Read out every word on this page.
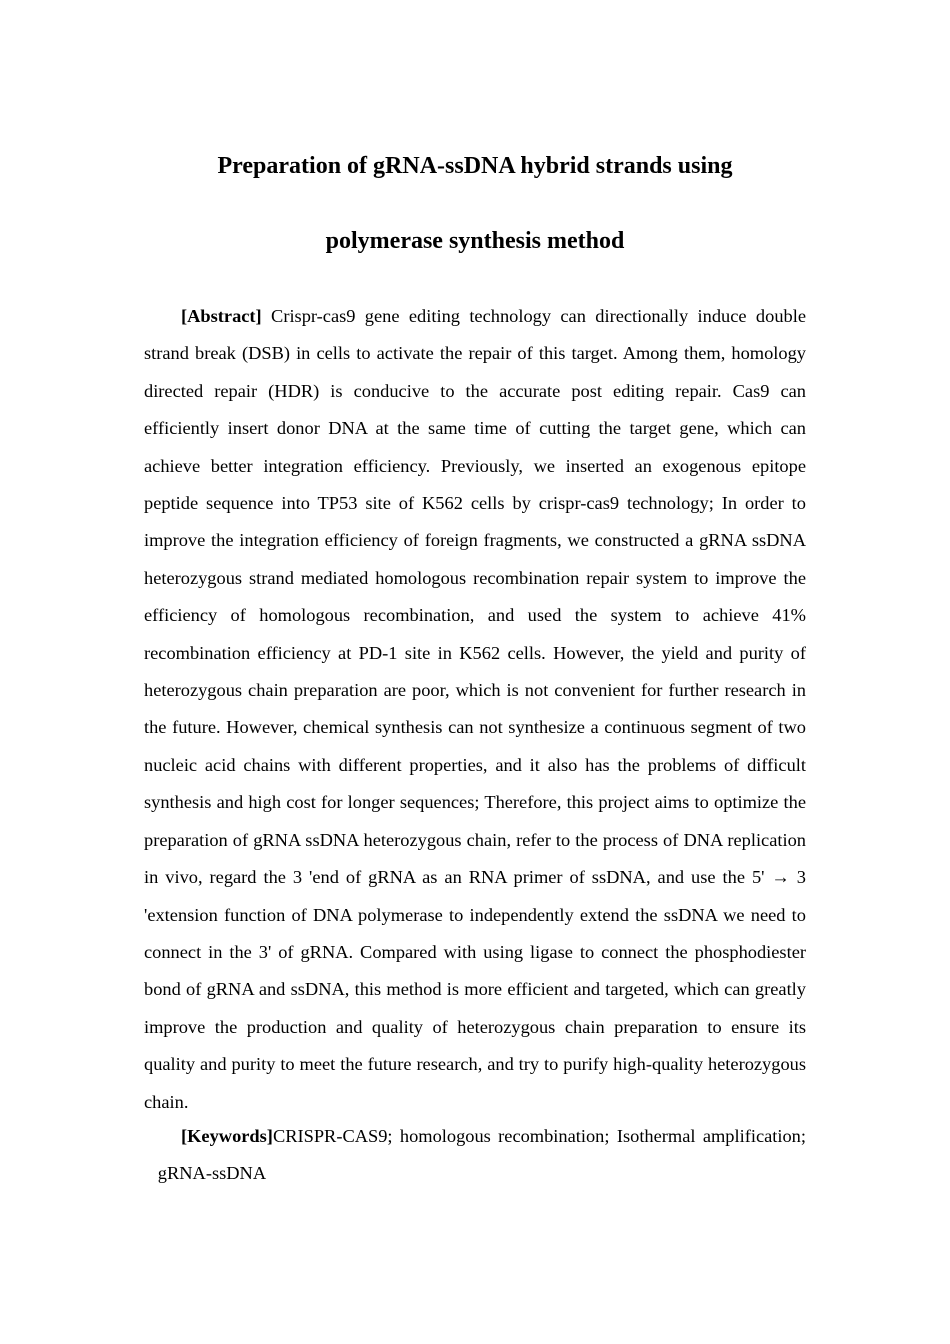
Preparation of gRNA-ssDNA hybrid strands using
polymerase synthesis method

[Abstract] Crispr-cas9 gene editing technology can directionally induce double strand break (DSB) in cells to activate the repair of this target. Among them, homology directed repair (HDR) is conducive to the accurate post editing repair. Cas9 can efficiently insert donor DNA at the same time of cutting the target gene, which can achieve better integration efficiency. Previously, we inserted an exogenous epitope peptide sequence into TP53 site of K562 cells by crispr-cas9 technology; In order to improve the integration efficiency of foreign fragments, we constructed a gRNA ssDNA heterozygous strand mediated homologous recombination repair system to improve the efficiency of homologous recombination, and used the system to achieve 41% recombination efficiency at PD-1 site in K562 cells. However, the yield and purity of heterozygous chain preparation are poor, which is not convenient for further research in the future. However, chemical synthesis can not synthesize a continuous segment of two nucleic acid chains with different properties, and it also has the problems of difficult synthesis and high cost for longer sequences; Therefore, this project aims to optimize the preparation of gRNA ssDNA heterozygous chain, refer to the process of DNA replication in vivo, regard the 3 'end of gRNA as an RNA primer of ssDNA, and use the 5' → 3 'extension function of DNA polymerase to independently extend the ssDNA we need to connect in the 3' of gRNA. Compared with using ligase to connect the phosphodiester bond of gRNA and ssDNA, this method is more efficient and targeted, which can greatly improve the production and quality of heterozygous chain preparation to ensure its quality and purity to meet the future research, and try to purify high-quality heterozygous chain.

[Keywords]CRISPR-CAS9; homologous recombination; Isothermal amplification;   gRNA-ssDNA
